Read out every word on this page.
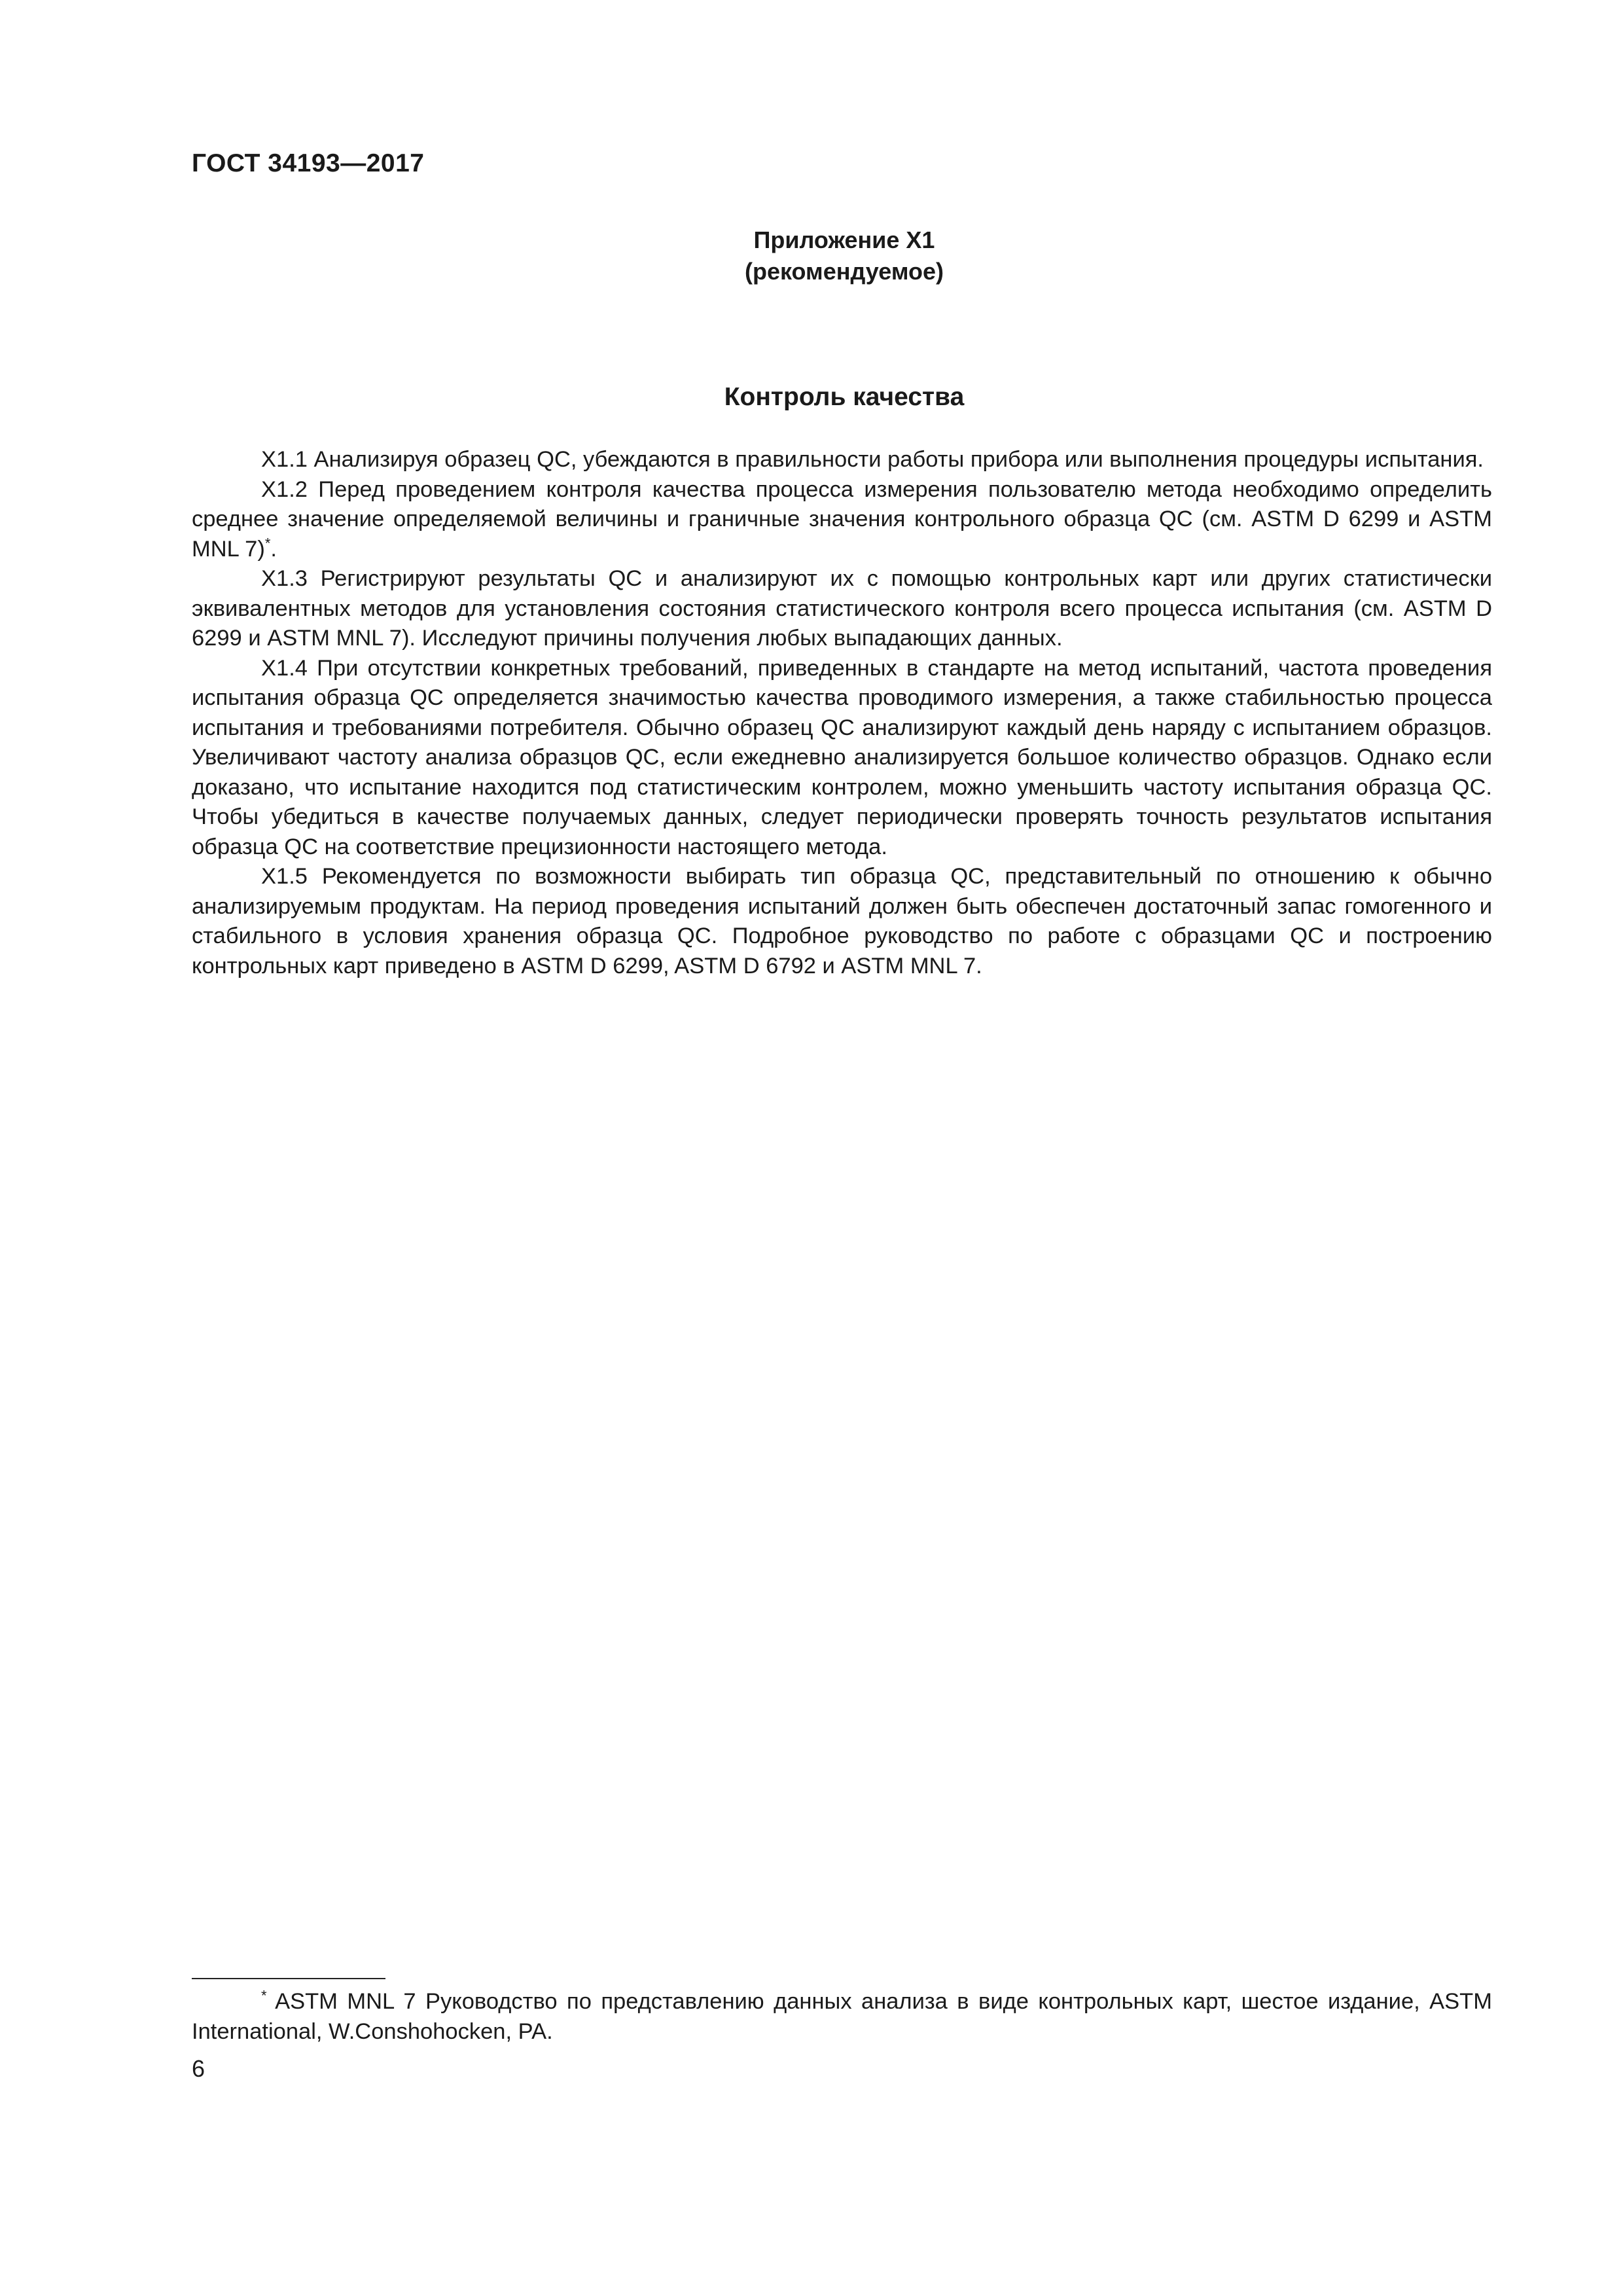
ГОСТ 34193—2017
Приложение X1
(рекомендуемое)
Контроль качества

X1.1 Анализируя образец QC, убеждаются в правильности работы прибора или выполнения процедуры испытания.

X1.2 Перед проведением контроля качества процесса измерения пользователю метода необходимо определить среднее значение определяемой величины и граничные значения контрольного образца QC (см. ASTM D 6299 и ASTM MNL 7)*.

X1.3 Регистрируют результаты QC и анализируют их с помощью контрольных карт или других статистически эквивалентных методов для установления состояния статистического контроля всего процесса испытания (см. ASTM D 6299 и ASTM MNL 7). Исследуют причины получения любых выпадающих данных.

X1.4 При отсутствии конкретных требований, приведенных в стандарте на метод испытаний, частота проведения испытания образца QC определяется значимостью качества проводимого измерения, а также стабильностью процесса испытания и требованиями потребителя. Обычно образец QC анализируют каждый день наряду с испытанием образцов. Увеличивают частоту анализа образцов QC, если ежедневно анализируется большое количество образцов. Однако если доказано, что испытание находится под статистическим контролем, можно уменьшить частоту испытания образца QC. Чтобы убедиться в качестве получаемых данных, следует периодически проверять точность результатов испытания образца QC на соответствие прецизионности настоящего метода.

X1.5 Рекомендуется по возможности выбирать тип образца QC, представительный по отношению к обычно анализируемым продуктам. На период проведения испытаний должен быть обеспечен достаточный запас гомогенного и стабильного в условия хранения образца QC. Подробное руководство по работе с образцами QC и построению контрольных карт приведено в ASTM D 6299, ASTM D 6792 и ASTM MNL 7.

* ASTM MNL 7 Руководство по представлению данных анализа в виде контрольных карт, шестое издание, ASTM International, W.Conshohocken, PA.

6
